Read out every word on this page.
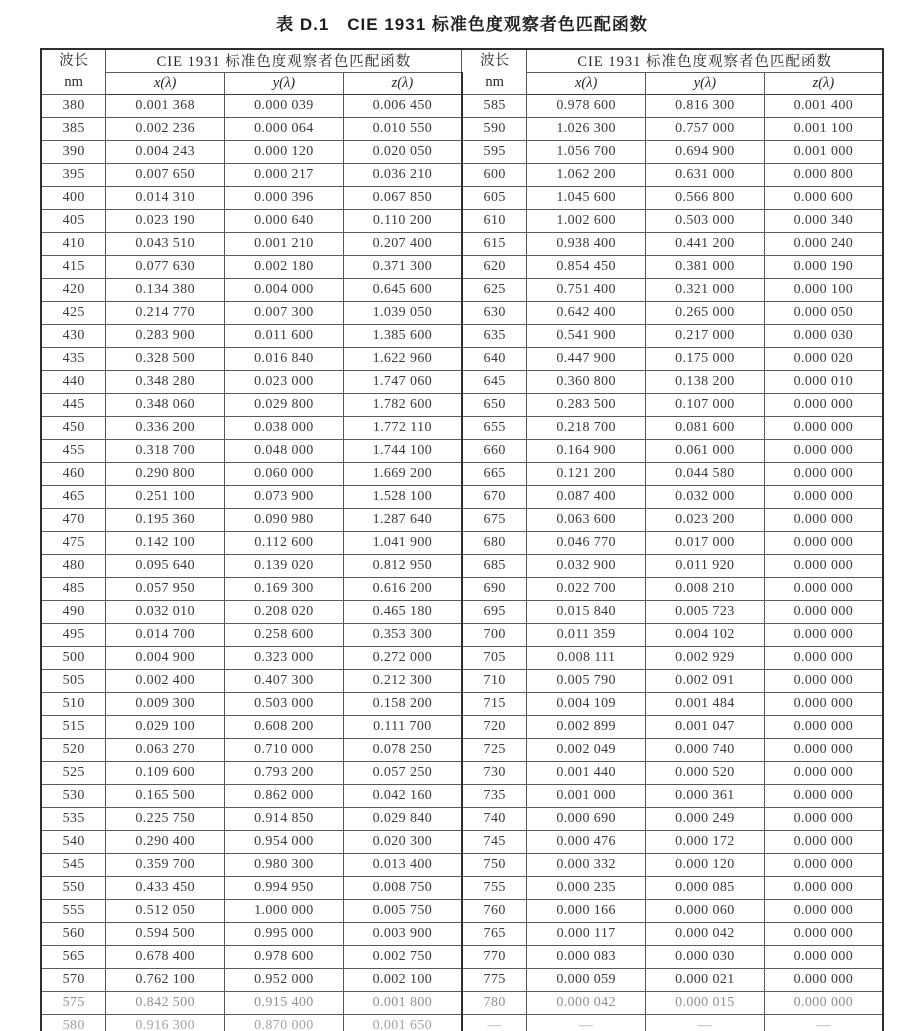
表 D.1 CIE 1931 标准色度观察者色匹配函数
波长
nm
	CIE 1931 标准色度观察者色匹配函数	波长
nm
	CIE 1931 标准色度观察者色匹配函数
	x(λ)	y(λ)	z(λ)		x(λ)	y(λ)	z(λ)
380	0.001 368	0.000 039	0.006 450	585	0.978 600	0.816 300	0.001 400
385	0.002 236	0.000 064	0.010 550	590	1.026 300	0.757 000	0.001 100
390	0.004 243	0.000 120	0.020 050	595	1.056 700	0.694 900	0.001 000
395	0.007 650	0.000 217	0.036 210	600	1.062 200	0.631 000	0.000 800
400	0.014 310	0.000 396	0.067 850	605	1.045 600	0.566 800	0.000 600
405	0.023 190	0.000 640	0.110 200	610	1.002 600	0.503 000	0.000 340
410	0.043 510	0.001 210	0.207 400	615	0.938 400	0.441 200	0.000 240
415	0.077 630	0.002 180	0.371 300	620	0.854 450	0.381 000	0.000 190
420	0.134 380	0.004 000	0.645 600	625	0.751 400	0.321 000	0.000 100
425	0.214 770	0.007 300	1.039 050	630	0.642 400	0.265 000	0.000 050
430	0.283 900	0.011 600	1.385 600	635	0.541 900	0.217 000	0.000 030
435	0.328 500	0.016 840	1.622 960	640	0.447 900	0.175 000	0.000 020
440	0.348 280	0.023 000	1.747 060	645	0.360 800	0.138 200	0.000 010
445	0.348 060	0.029 800	1.782 600	650	0.283 500	0.107 000	0.000 000
450	0.336 200	0.038 000	1.772 110	655	0.218 700	0.081 600	0.000 000
455	0.318 700	0.048 000	1.744 100	660	0.164 900	0.061 000	0.000 000
460	0.290 800	0.060 000	1.669 200	665	0.121 200	0.044 580	0.000 000
465	0.251 100	0.073 900	1.528 100	670	0.087 400	0.032 000	0.000 000
470	0.195 360	0.090 980	1.287 640	675	0.063 600	0.023 200	0.000 000
475	0.142 100	0.112 600	1.041 900	680	0.046 770	0.017 000	0.000 000
480	0.095 640	0.139 020	0.812 950	685	0.032 900	0.011 920	0.000 000
485	0.057 950	0.169 300	0.616 200	690	0.022 700	0.008 210	0.000 000
490	0.032 010	0.208 020	0.465 180	695	0.015 840	0.005 723	0.000 000
495	0.014 700	0.258 600	0.353 300	700	0.011 359	0.004 102	0.000 000
500	0.004 900	0.323 000	0.272 000	705	0.008 111	0.002 929	0.000 000
505	0.002 400	0.407 300	0.212 300	710	0.005 790	0.002 091	0.000 000
510	0.009 300	0.503 000	0.158 200	715	0.004 109	0.001 484	0.000 000
515	0.029 100	0.608 200	0.111 700	720	0.002 899	0.001 047	0.000 000
520	0.063 270	0.710 000	0.078 250	725	0.002 049	0.000 740	0.000 000
525	0.109 600	0.793 200	0.057 250	730	0.001 440	0.000 520	0.000 000
530	0.165 500	0.862 000	0.042 160	735	0.001 000	0.000 361	0.000 000
535	0.225 750	0.914 850	0.029 840	740	0.000 690	0.000 249	0.000 000
540	0.290 400	0.954 000	0.020 300	745	0.000 476	0.000 172	0.000 000
545	0.359 700	0.980 300	0.013 400	750	0.000 332	0.000 120	0.000 000
550	0.433 450	0.994 950	0.008 750	755	0.000 235	0.000 085	0.000 000
555	0.512 050	1.000 000	0.005 750	760	0.000 166	0.000 060	0.000 000
560	0.594 500	0.995 000	0.003 900	765	0.000 117	0.000 042	0.000 000
565	0.678 400	0.978 600	0.002 750	770	0.000 083	0.000 030	0.000 000
570	0.762 100	0.952 000	0.002 100	775	0.000 059	0.000 021	0.000 000
575	0.842 500	0.915 400	0.001 800	780	0.000 042	0.000 015	0.000 000
580	0.916 300	0.870 000	0.001 650	—	—	—	—
